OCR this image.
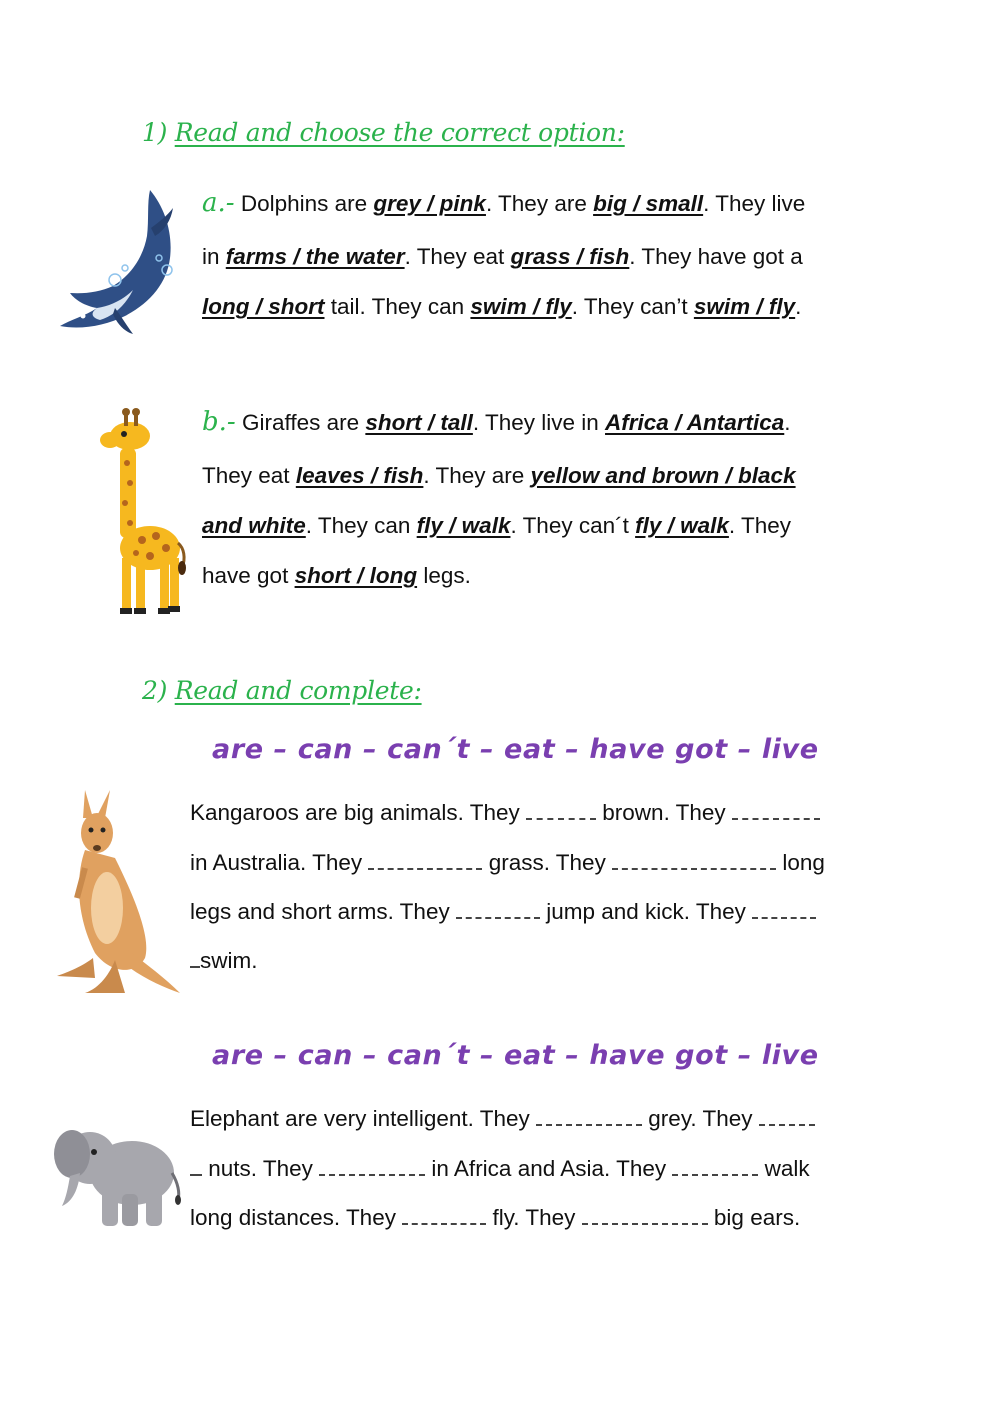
1) Read and choose the correct option:
a.- Dolphins are grey / pink. They are big / small. They live
in farms / the water. They eat grass / fish. They have got a
long / short tail. They can swim / fly. They can’t swim / fly.
b.- Giraffes are short / tall. They live in Africa / Antartica.
They eat leaves / fish. They are yellow and brown / black
and white. They can fly / walk. They can´t fly / walk. They
have got short / long legs.
2) Read and complete:
are – can – can´t – eat – have got – live
Kangaroos are big animals. They	brown. They
in Australia. They	grass. They	long
legs and short arms. They	jump and kick. They
swim.
are – can – can´t – eat – have got – live
Elephant are very intelligent. They	grey. They
nuts. They	in Africa and Asia. They	walk
long distances. They	fly. They	big ears.
